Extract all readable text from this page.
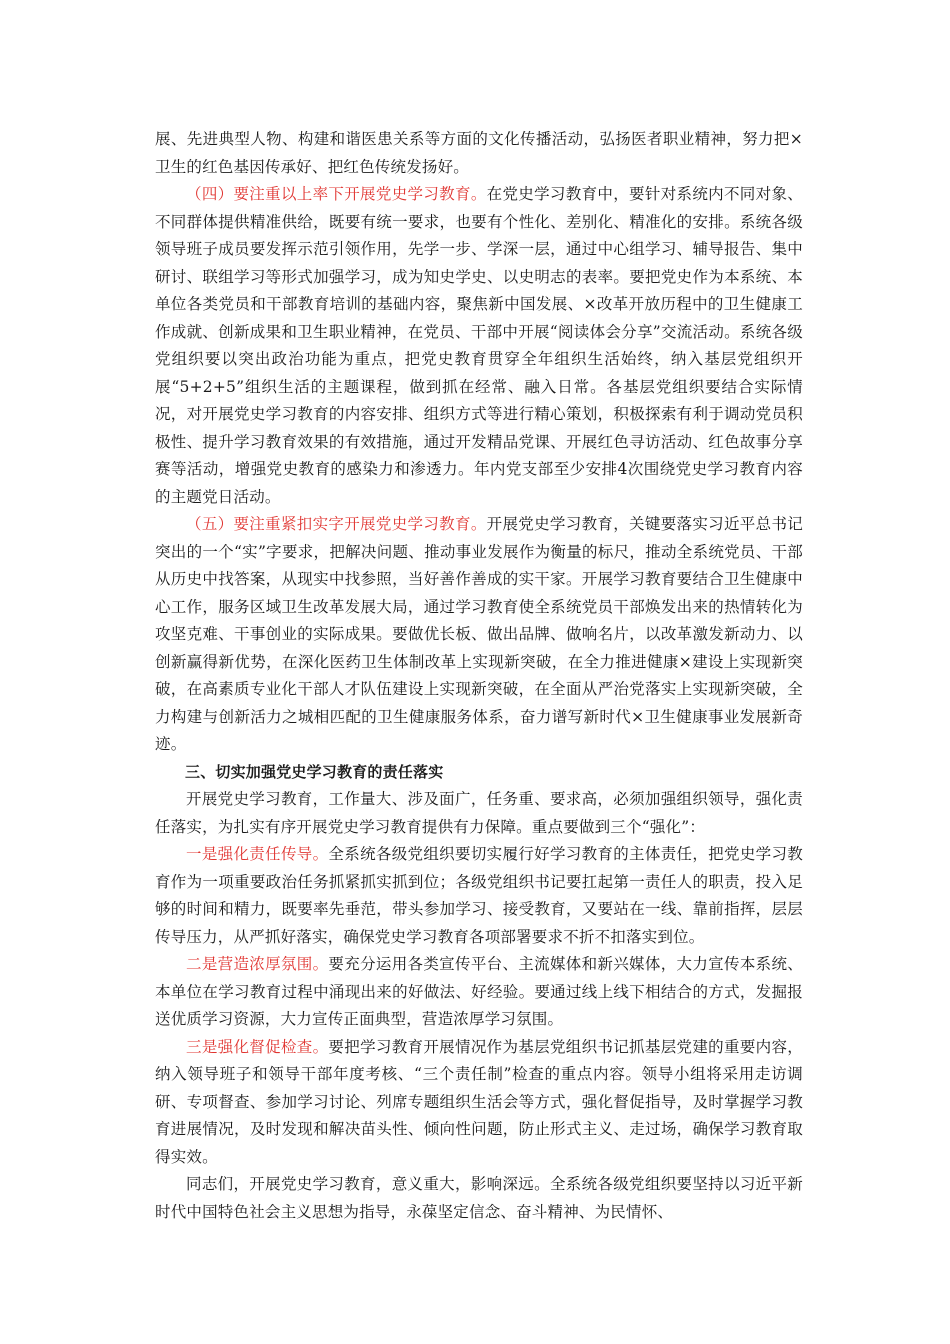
展、先进典型人物、构建和谐医患关系等方面的文化传播活动，弘扬医者职业精神，努力把×卫生的红色基因传承好、把红色传统发扬好。

（四）要注重以上率下开展党史学习教育。在党史学习教育中，要针对系统内不同对象、不同群体提供精准供给，既要有统一要求，也要有个性化、差别化、精准化的安排。系统各级领导班子成员要发挥示范引领作用，先学一步、学深一层，通过中心组学习、辅导报告、集中研讨、联组学习等形式加强学习，成为知史学史、以史明志的表率。要把党史作为本系统、本单位各类党员和干部教育培训的基础内容，聚焦新中国发展、×改革开放历程中的卫生健康工作成就、创新成果和卫生职业精神，在党员、干部中开展“阅读体会分享”交流活动。系统各级党组织要以突出政治功能为重点，把党史教育贯穿全年组织生活始终，纳入基层党组织开展“5+2+5”组织生活的主题课程，做到抓在经常、融入日常。各基层党组织要结合实际情况，对开展党史学习教育的内容安排、组织方式等进行精心策划，积极探索有利于调动党员积极性、提升学习教育效果的有效措施，通过开发精品党课、开展红色寻访活动、红色故事分享赛等活动，增强党史教育的感染力和渗透力。年内党支部至少安排4次围绕党史学习教育内容的主题党日活动。

（五）要注重紧扣实字开展党史学习教育。开展党史学习教育，关键要落实习近平总书记突出的一个“实”字要求，把解决问题、推动事业发展作为衡量的标尺，推动全系统党员、干部从历史中找答案，从现实中找参照，当好善作善成的实干家。开展学习教育要结合卫生健康中心工作，服务区域卫生改革发展大局，通过学习教育使全系统党员干部焕发出来的热情转化为攻坚克难、干事创业的实际成果。要做优长板、做出品牌、做响名片，以改革激发新动力、以创新赢得新优势，在深化医药卫生体制改革上实现新突破，在全力推进健康×建设上实现新突破，在高素质专业化干部人才队伍建设上实现新突破，在全面从严治党落实上实现新突破，全力构建与创新活力之城相匹配的卫生健康服务体系，奋力谱写新时代×卫生健康事业发展新奇迹。

三、切实加强党史学习教育的责任落实

开展党史学习教育，工作量大、涉及面广，任务重、要求高，必须加强组织领导，强化责任落实，为扎实有序开展党史学习教育提供有力保障。重点要做到三个“强化”：

一是强化责任传导。全系统各级党组织要切实履行好学习教育的主体责任，把党史学习教育作为一项重要政治任务抓紧抓实抓到位；各级党组织书记要扛起第一责任人的职责，投入足够的时间和精力，既要率先垂范，带头参加学习、接受教育，又要站在一线、靠前指挥，层层传导压力，从严抓好落实，确保党史学习教育各项部署要求不折不扣落实到位。

二是营造浓厚氛围。要充分运用各类宣传平台、主流媒体和新兴媒体，大力宣传本系统、本单位在学习教育过程中涌现出来的好做法、好经验。要通过线上线下相结合的方式，发掘报送优质学习资源，大力宣传正面典型，营造浓厚学习氛围。

三是强化督促检查。要把学习教育开展情况作为基层党组织书记抓基层党建的重要内容，纳入领导班子和领导干部年度考核、“三个责任制”检查的重点内容。领导小组将采用走访调研、专项督查、参加学习讨论、列席专题组织生活会等方式，强化督促指导，及时掌握学习教育进展情况，及时发现和解决苗头性、倾向性问题，防止形式主义、走过场，确保学习教育取得实效。

同志们，开展党史学习教育，意义重大，影响深远。全系统各级党组织要坚持以习近平新时代中国特色社会主义思想为指导，永葆坚定信念、奋斗精神、为民情怀、
